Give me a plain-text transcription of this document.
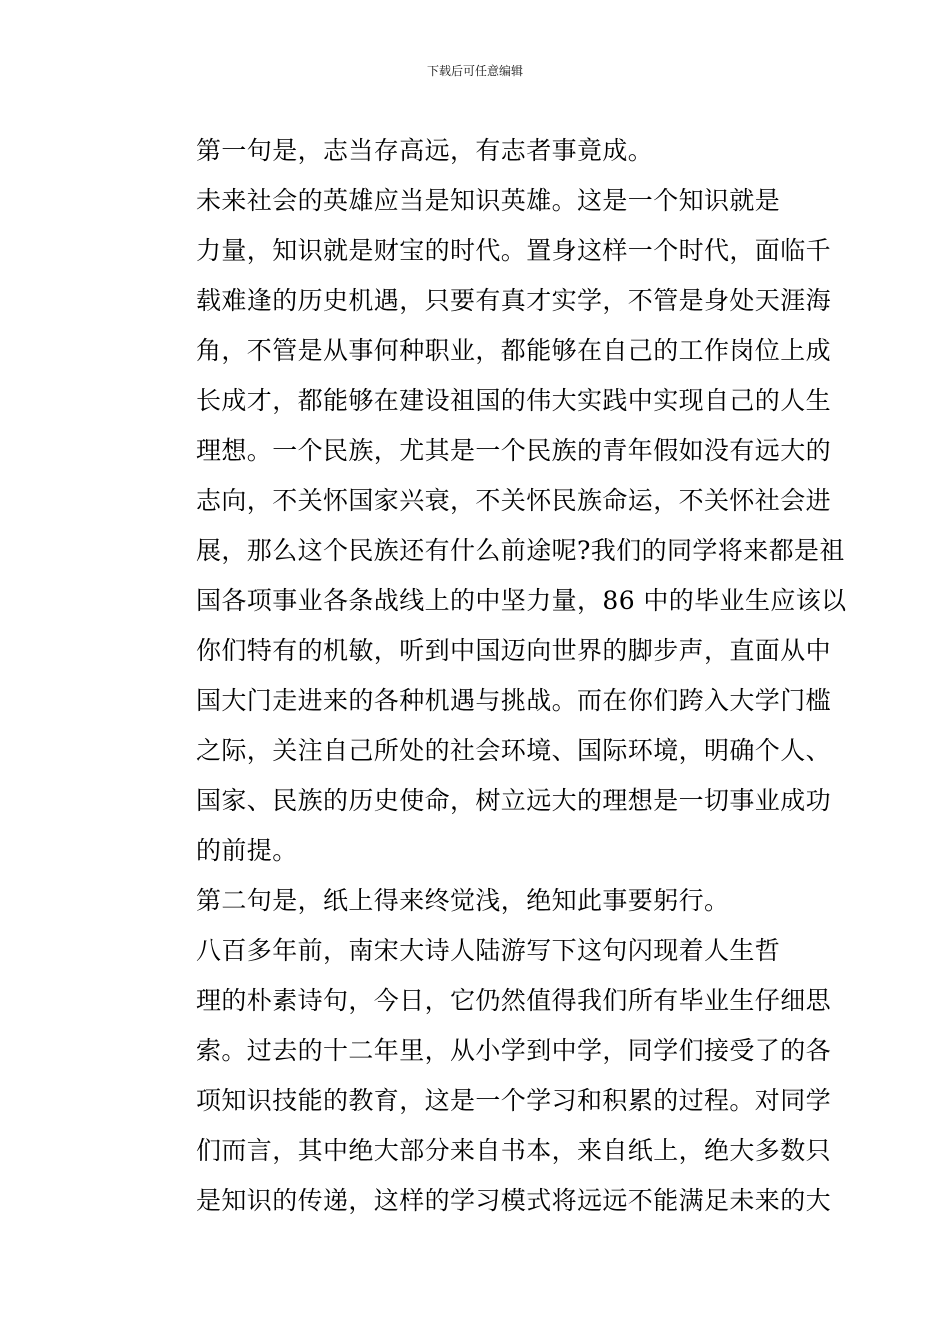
下载后可任意编辑

第一句是，志当存高远，有志者事竟成。

未来社会的英雄应当是知识英雄。这是一个知识就是
力量，知识就是财宝的时代。置身这样一个时代，面临千
载难逢的历史机遇，只要有真才实学，不管是身处天涯海
角，不管是从事何种职业，都能够在自己的工作岗位上成
长成才，都能够在建设祖国的伟大实践中实现自己的人生
理想。一个民族，尤其是一个民族的青年假如没有远大的
志向，不关怀国家兴衰，不关怀民族命运，不关怀社会进
展，那么这个民族还有什么前途呢?我们的同学将来都是祖
国各项事业各条战线上的中坚力量，86 中的毕业生应该以
你们特有的机敏，听到中国迈向世界的脚步声，直面从中
国大门走进来的各种机遇与挑战。而在你们跨入大学门槛
之际，关注自己所处的社会环境、国际环境，明确个人、
国家、民族的历史使命，树立远大的理想是一切事业成功
的前提。

第二句是，纸上得来终觉浅，绝知此事要躬行。

八百多年前，南宋大诗人陆游写下这句闪现着人生哲
理的朴素诗句，今日，它仍然值得我们所有毕业生仔细思
索。过去的十二年里，从小学到中学，同学们接受了的各
项知识技能的教育，这是一个学习和积累的过程。对同学
们而言，其中绝大部分来自书本，来自纸上，绝大多数只
是知识的传递，这样的学习模式将远远不能满足未来的大
